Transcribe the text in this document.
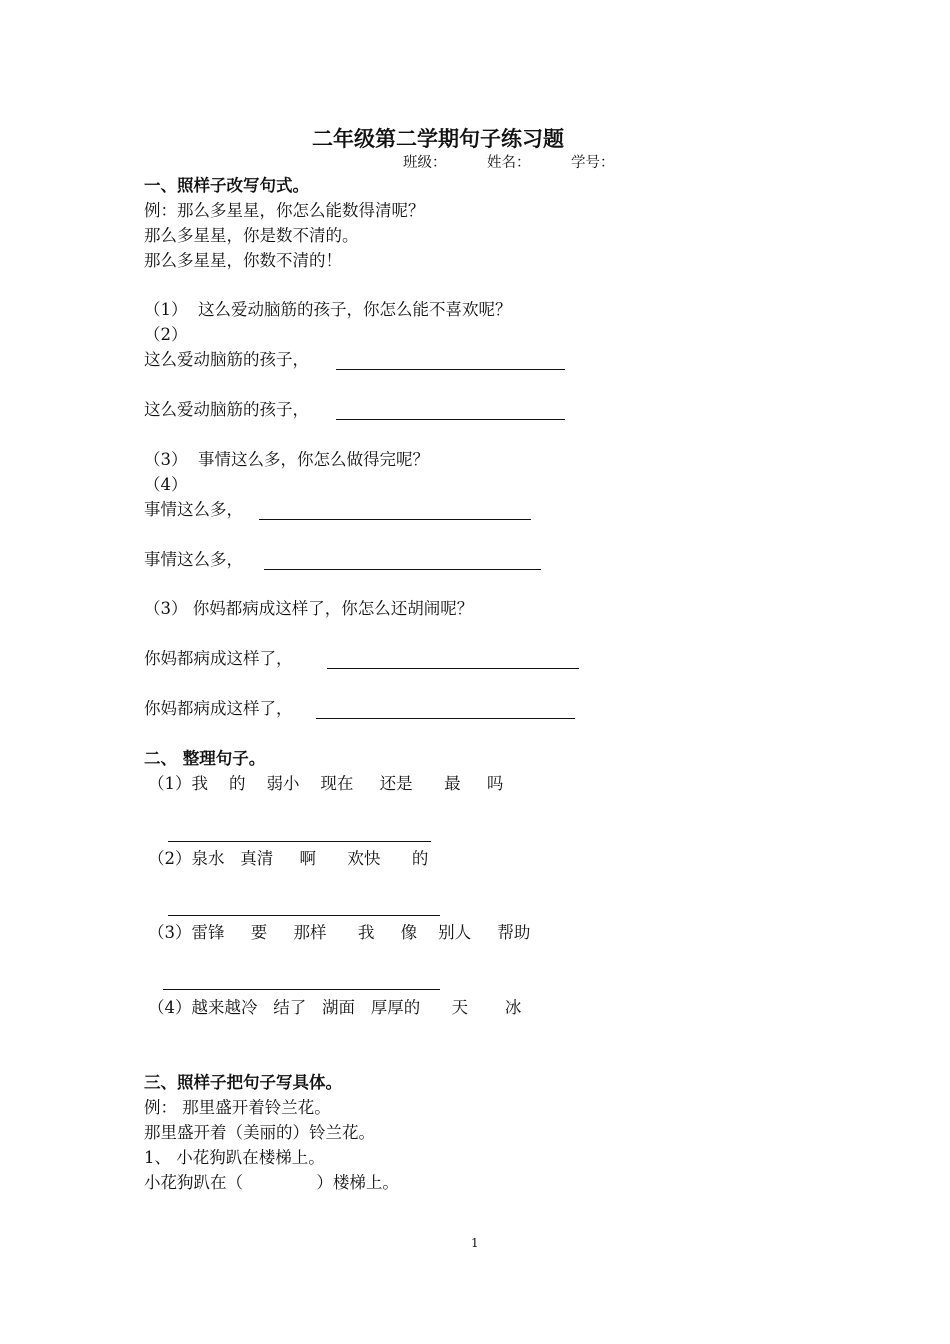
二年级第二学期句子练习题
班级：	姓名：	学号：
一、照样子改写句式。
例：那么多星星，你怎么能数得清呢？
那么多星星，你是数不清的。
那么多星星，你数不清的！
（1）  这么爱动脑筋的孩子，你怎么能不喜欢呢？
（2）
这么爱动脑筋的孩子，
这么爱动脑筋的孩子，
（3）  事情这么多，你怎么做得完呢？
（4）
事情这么多，
事情这么多，
（3） 你妈都病成这样了，你怎么还胡闹呢？
你妈都病成这样了，
你妈都病成这样了，
二、 整理句子。
（1）我    的    弱小    现在     还是      最     吗
（2）泉水   真清     啊      欢快      的
（3）雷锋     要     那样      我     像    别人     帮助
（4）越来越冷   结了   湖面   厚厚的      天       冰
三、照样子把句子写具体。
例： 那里盛开着铃兰花。
那里盛开着（美丽的）铃兰花。
1、 小花狗趴在楼梯上。
小花狗趴在（              ）楼梯上。
1
